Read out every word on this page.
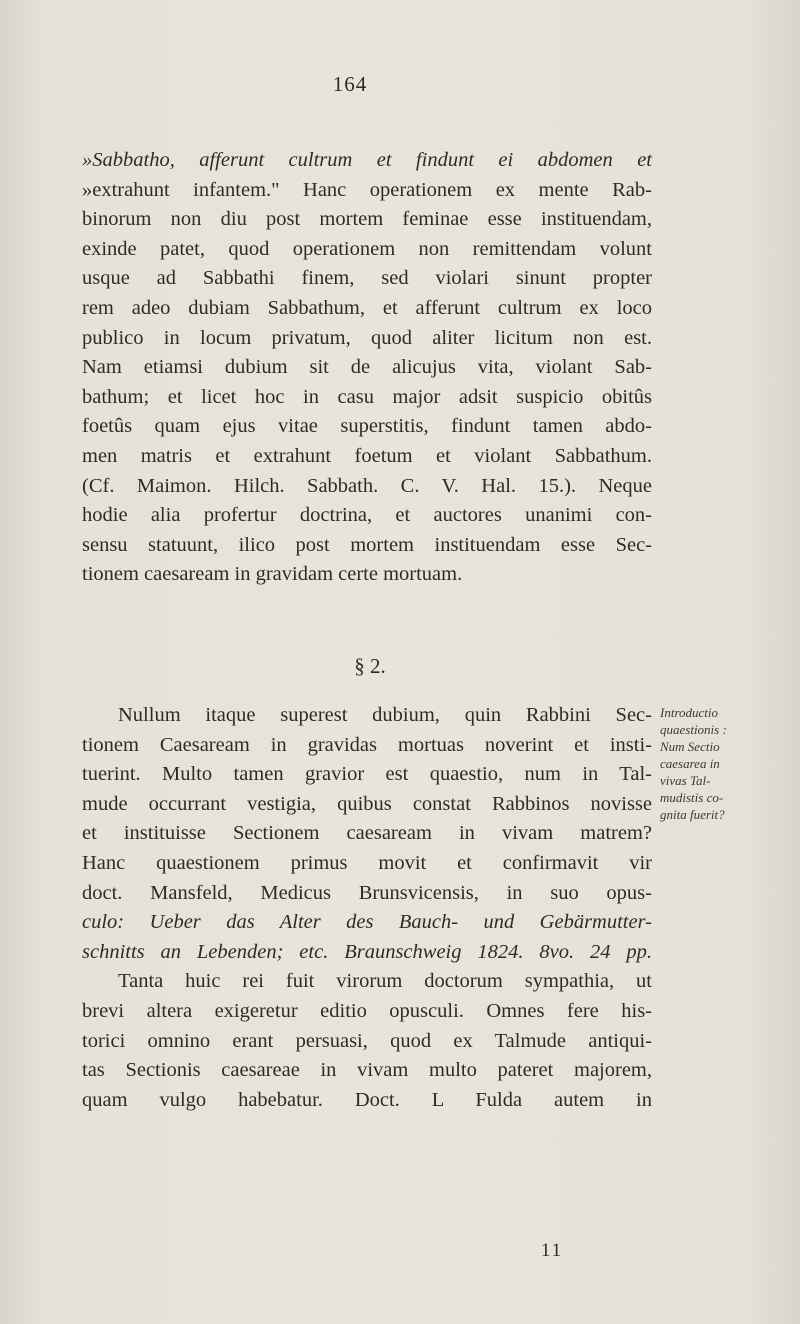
164
»Sabbatho, afferunt cultrum et findunt ei abdomen et
»extrahunt infantem." Hanc operationem ex mente Rab-
binorum non diu post mortem feminae esse instituendam,
exinde patet, quod operationem non remittendam volunt
usque ad Sabbathi finem, sed violari sinunt propter
rem adeo dubiam Sabbathum, et afferunt cultrum ex loco
publico in locum privatum, quod aliter licitum non est.
Nam etiamsi dubium sit de alicujus vita, violant Sab-
bathum; et licet hoc in casu major adsit suspicio obitûs
foetûs quam ejus vitae superstitis, findunt tamen abdo-
men matris et extrahunt foetum et violant Sabbathum.
(Cf. Maimon. Hilch. Sabbath. C. V. Hal. 15.). Neque
hodie alia profertur doctrina, et auctores unanimi con-
sensu statuunt, ilico post mortem instituendam esse Sec-
tionem caesaream in gravidam certe mortuam.
§ 2.
Nullum itaque superest dubium, quin Rabbini Sec-
tionem Caesaream in gravidas mortuas noverint et insti-
tuerint. Multo tamen gravior est quaestio, num in Tal-
mude occurrant vestigia, quibus constat Rabbinos novisse
et instituisse Sectionem caesaream in vivam matrem?
Hanc quaestionem primus movit et confirmavit vir
doct. Mansfeld, Medicus Brunsvicensis, in suo opus-
culo: Ueber das Alter des Bauch- und Gebärmutter-
schnitts an Lebenden; etc. Braunschweig 1824. 8vo. 24 pp.
Tanta huic rei fuit virorum doctorum sympathia, ut
brevi altera exigeretur editio opusculi. Omnes fere his-
torici omnino erant persuasi, quod ex Talmude antiqui-
tas Sectionis caesareae in vivam multo pateret majorem,
quam vulgo habebatur. Doct. L Fulda autem in
Introductio
quaestionis :
Num Sectio
caesarea in
vivas Tal-
mudistis co-
gnita fuerit?
11
